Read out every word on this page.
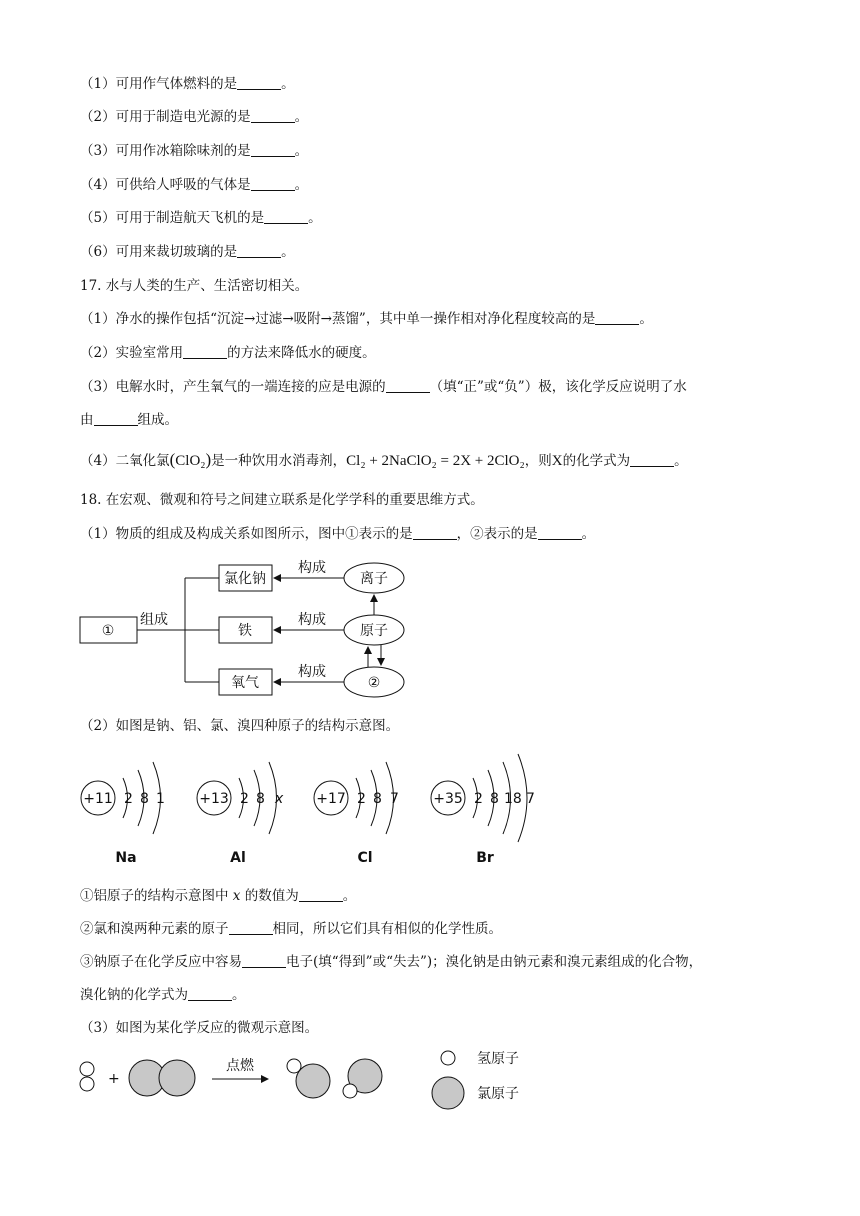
（1）可用作气体燃料的是	。
（2）可用于制造电光源的是	。
（3）可用作冰箱除味剂的是	。
（4）可供给人呼吸的气体是	。
（5）可用于制造航天飞机的是	。
（6）可用来裁切玻璃的是	。
17. 水与人类的生产、生活密切相关。
（1）净水的操作包括“沉淀→过滤→吸附→蒸馏”，其中单一操作相对净化程度较高的是	。
（2）实验室常用	的方法来降低水的硬度。
（3）电解水时，产生氧气的一端连接的应是电源的	（填“正”或“负”）极，该化学反应说明了水
由	组成。
（4）二氧化氯(ClO₂)是一种饮用水消毒剂，Cl₂ + 2NaClO₂ = 2X + 2ClO₂，则X的化学式为	。
18. 在宏观、微观和符号之间建立联系是化学学科的重要思维方式。
（1）物质的组成及构成关系如图所示，图中①表示的是	，②表示的是	。
①
组成
氯化钠
铁
氧气
构成
构成
构成
离子
原子
②
+11 2 8 1
Na
+13 2 8 x
Al
+17 2 8 7
Cl
+35 2 8 18 7
Br
+
点燃	氢原子
氯原子
（2）如图是钠、铝、氯、溴四种原子的结构示意图。
①铝原子的结构示意图中 x 的数值为	。
②氯和溴两种元素的原子	相同，所以它们具有相似的化学性质。
③钠原子在化学反应中容易	电子(填“得到”或“失去”)；溴化钠是由钠元素和溴元素组成的化合物，
溴化钠的化学式为	。
（3）如图为某化学反应的微观示意图。
